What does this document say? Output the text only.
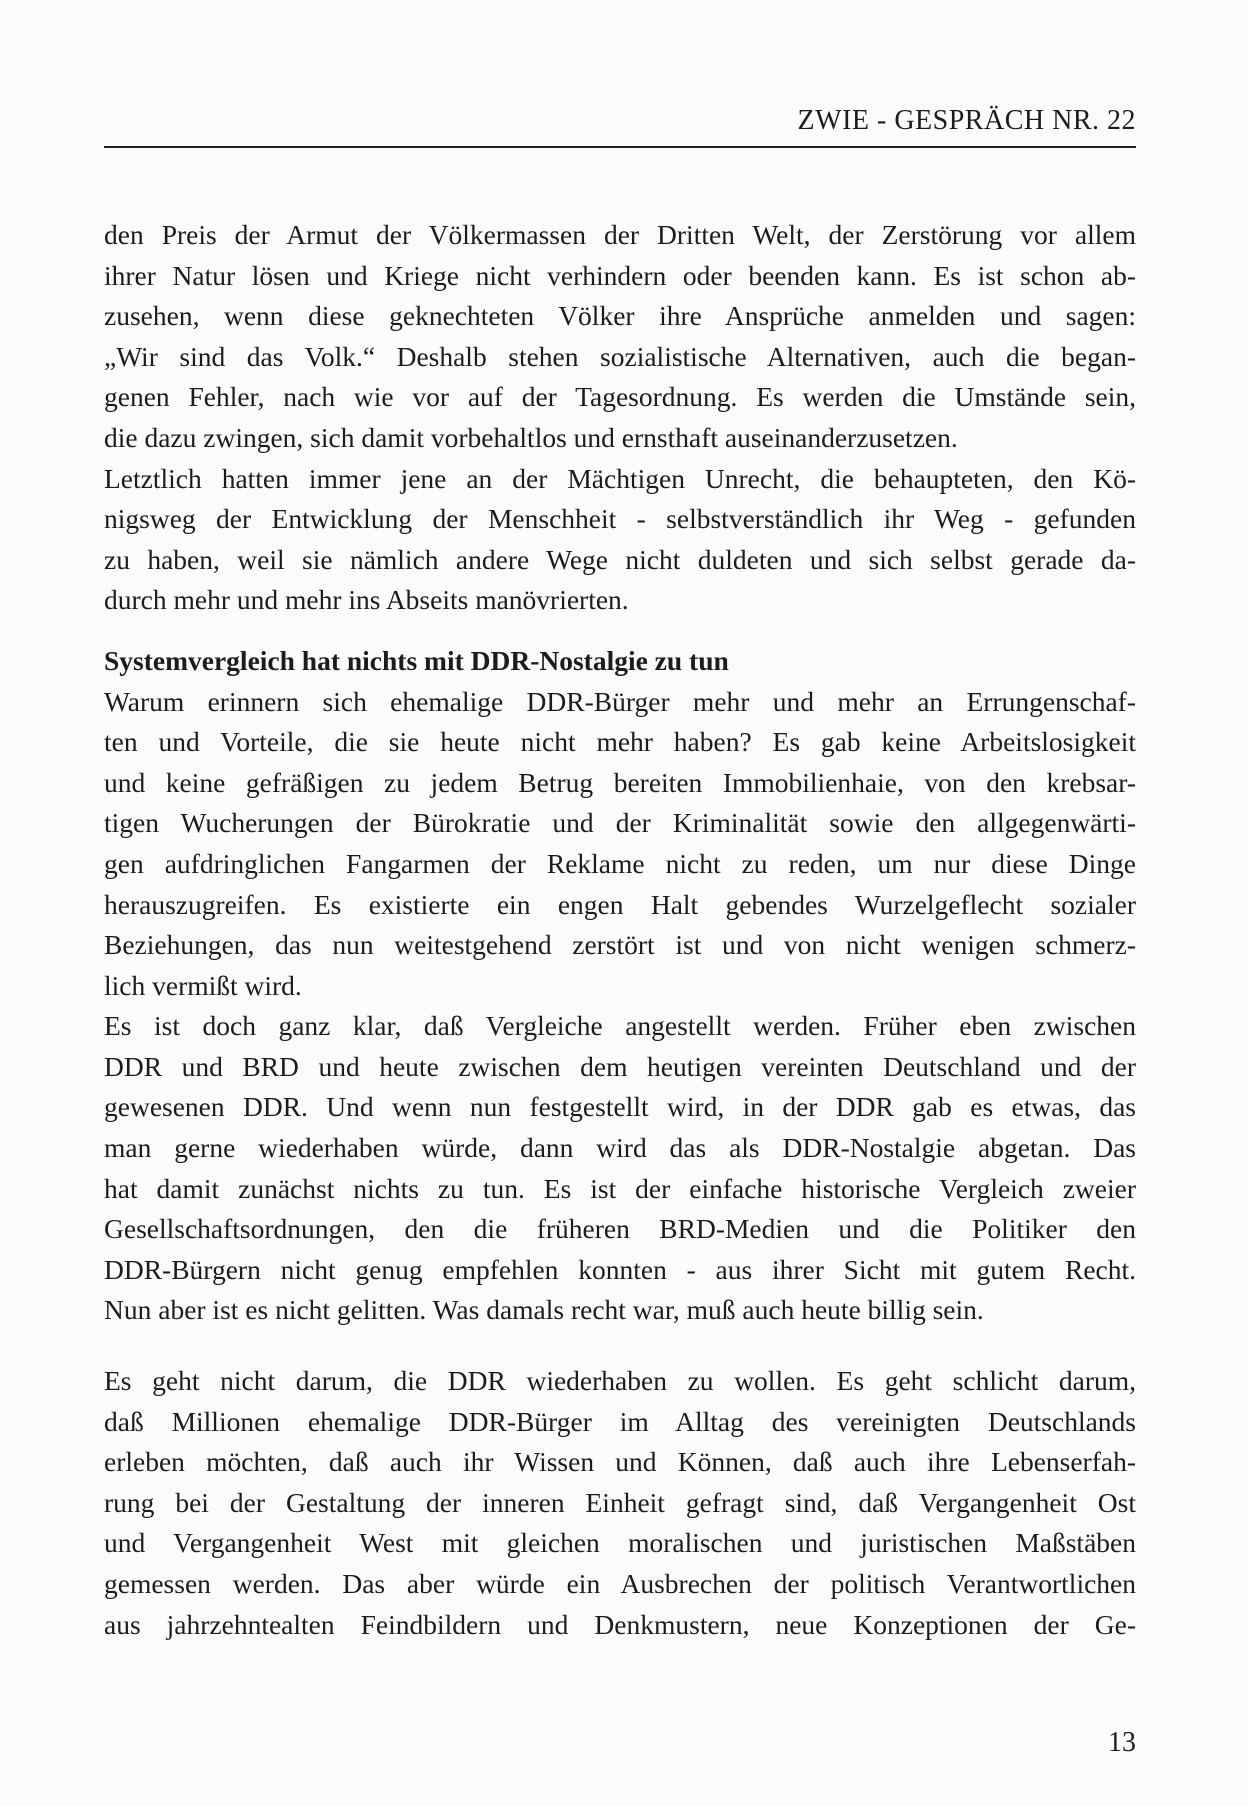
ZWIE - GESPRÄCH NR. 22
den Preis der Armut der Völkermassen der Dritten Welt, der Zerstörung vor allem
ihrer Natur lösen und Kriege nicht verhindern oder beenden kann. Es ist schon ab-
zusehen, wenn diese geknechteten Völker ihre Ansprüche anmelden und sagen:
„Wir sind das Volk.“ Deshalb stehen sozialistische Alternativen, auch die began-
genen Fehler, nach wie vor auf der Tagesordnung. Es werden die Umstände sein,
die dazu zwingen, sich damit vorbehaltlos und ernsthaft auseinanderzusetzen.
Letztlich hatten immer jene an der Mächtigen Unrecht, die behaupteten, den Kö-
nigsweg der Entwicklung der Menschheit - selbstverständlich ihr Weg - gefunden
zu haben, weil sie nämlich andere Wege nicht duldeten und sich selbst gerade da-
durch mehr und mehr ins Abseits manövrierten.
Systemvergleich hat nichts mit DDR-Nostalgie zu tun
Warum erinnern sich ehemalige DDR-Bürger mehr und mehr an Errungenschaf-
ten und Vorteile, die sie heute nicht mehr haben? Es gab keine Arbeitslosigkeit
und keine gefräßigen zu jedem Betrug bereiten Immobilienhaie, von den krebsar-
tigen Wucherungen der Bürokratie und der Kriminalität sowie den allgegenwärti-
gen aufdringlichen Fangarmen der Reklame nicht zu reden, um nur diese Dinge
herauszugreifen. Es existierte ein engen Halt gebendes Wurzelgeflecht sozialer
Beziehungen, das nun weitestgehend zerstört ist und von nicht wenigen schmerz-
lich vermißt wird.
Es ist doch ganz klar, daß Vergleiche angestellt werden. Früher eben zwischen
DDR und BRD und heute zwischen dem heutigen vereinten Deutschland und der
gewesenen DDR. Und wenn nun festgestellt wird, in der DDR gab es etwas, das
man gerne wiederhaben würde, dann wird das als DDR-Nostalgie abgetan. Das
hat damit zunächst nichts zu tun. Es ist der einfache historische Vergleich zweier
Gesellschaftsordnungen, den die früheren BRD-Medien und die Politiker den
DDR-Bürgern nicht genug empfehlen konnten - aus ihrer Sicht mit gutem Recht.
Nun aber ist es nicht gelitten. Was damals recht war, muß auch heute billig sein.
Es geht nicht darum, die DDR wiederhaben zu wollen. Es geht schlicht darum,
daß Millionen ehemalige DDR-Bürger im Alltag des vereinigten Deutschlands
erleben möchten, daß auch ihr Wissen und Können, daß auch ihre Lebenserfah-
rung bei der Gestaltung der inneren Einheit gefragt sind, daß Vergangenheit Ost
und Vergangenheit West mit gleichen moralischen und juristischen Maßstäben
gemessen werden. Das aber würde ein Ausbrechen der politisch Verantwortlichen
aus jahrzehntealten Feindbildern und Denkmustern, neue Konzeptionen der Ge-
13
